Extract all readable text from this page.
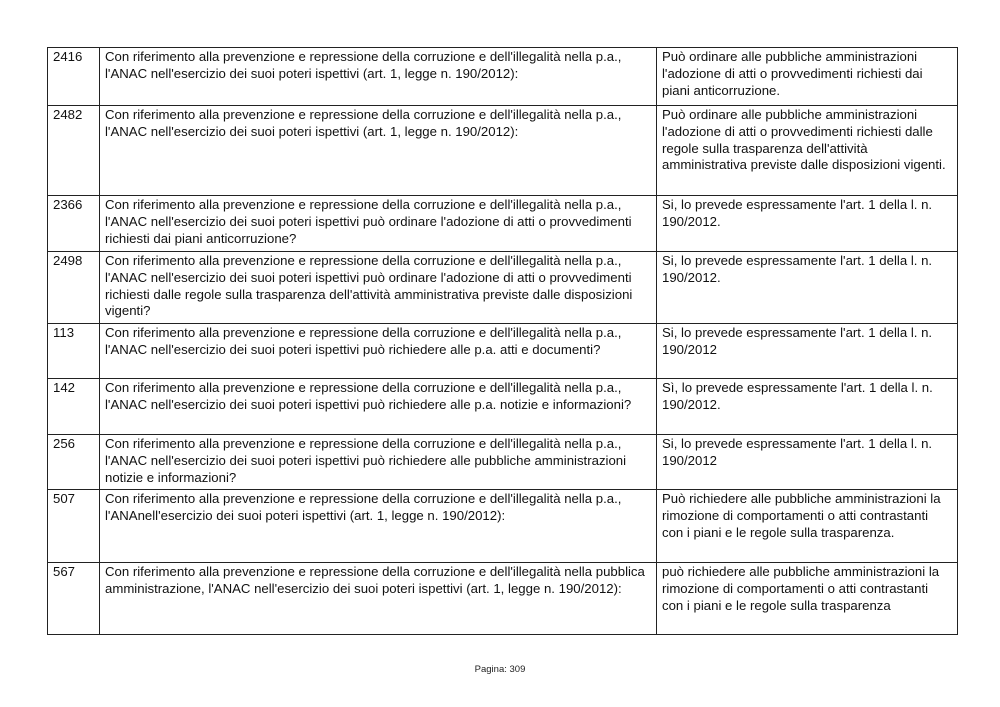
2416	Con riferimento alla prevenzione e repressione della corruzione e dell'illegalità nella p.a., l'ANAC nell'esercizio dei suoi poteri ispettivi (art. 1, legge n. 190/2012):	Può ordinare alle pubbliche amministrazioni l'adozione di atti o provvedimenti richiesti dai piani anticorruzione.
2482	Con riferimento alla prevenzione e repressione della corruzione e dell'illegalità nella p.a., l'ANAC nell'esercizio dei suoi poteri ispettivi (art. 1, legge n. 190/2012):	Può ordinare alle pubbliche amministrazioni l'adozione di atti o provvedimenti richiesti dalle regole sulla trasparenza dell'attività amministrativa previste dalle disposizioni vigenti.
2366	Con riferimento alla prevenzione e repressione della corruzione e dell'illegalità nella p.a., l'ANAC nell'esercizio dei suoi poteri ispettivi può ordinare l'adozione di atti o provvedimenti richiesti dai piani anticorruzione?	Si, lo prevede espressamente l'art. 1 della l. n. 190/2012.
2498	Con riferimento alla prevenzione e repressione della corruzione e dell'illegalità nella p.a., l'ANAC nell'esercizio dei suoi poteri ispettivi può ordinare l'adozione di atti o provvedimenti richiesti dalle regole sulla trasparenza dell'attività amministrativa previste dalle disposizioni vigenti?	Si, lo prevede espressamente l'art. 1 della l. n. 190/2012.
113	Con riferimento alla prevenzione e repressione della corruzione e dell'illegalità nella p.a., l'ANAC nell'esercizio dei suoi poteri ispettivi può richiedere alle p.a. atti e documenti?	Si, lo prevede espressamente l'art. 1 della l. n. 190/2012
142	Con riferimento alla prevenzione e repressione della corruzione e dell'illegalità nella p.a., l'ANAC nell'esercizio dei suoi poteri ispettivi può richiedere alle p.a. notizie e informazioni?	Sì, lo prevede espressamente l'art. 1 della l. n. 190/2012.
256	Con riferimento alla prevenzione e repressione della corruzione e dell'illegalità nella p.a., l'ANAC nell'esercizio dei suoi poteri ispettivi può richiedere alle pubbliche amministrazioni notizie e informazioni?	Si, lo prevede espressamente l'art. 1 della l. n. 190/2012
507	Con riferimento alla prevenzione e repressione della corruzione e dell'illegalità nella p.a., l'ANAnell'esercizio dei suoi poteri ispettivi (art. 1, legge n. 190/2012):	Può richiedere alle pubbliche amministrazioni la rimozione di comportamenti o atti contrastanti con i piani e le regole sulla trasparenza.
567	Con riferimento alla prevenzione e repressione della corruzione e dell'illegalità nella pubblica amministrazione, l'ANAC nell'esercizio dei suoi poteri ispettivi (art. 1, legge n. 190/2012):	può richiedere alle pubbliche amministrazioni la rimozione di comportamenti o atti contrastanti con i piani e le regole sulla trasparenza
Pagina: 309
